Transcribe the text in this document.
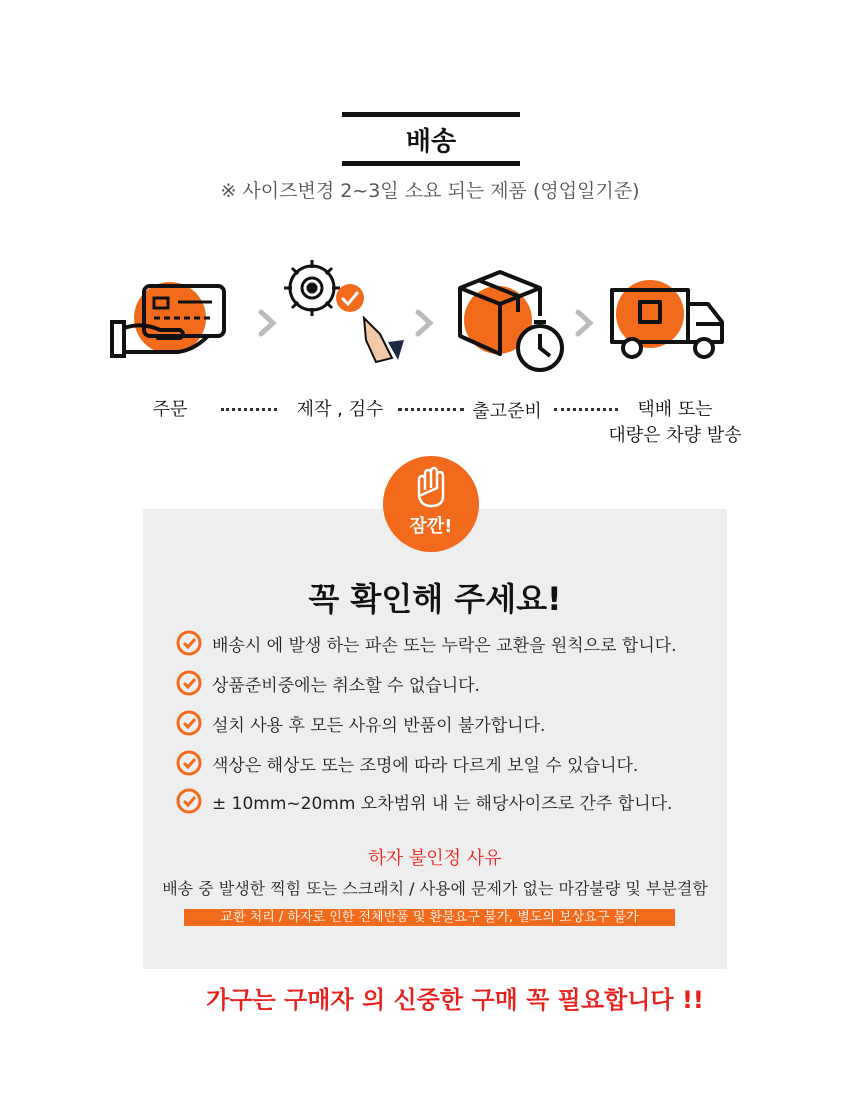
배송
※ 사이즈변경 2~3일 소요 되는 제품 (영업일기준)
주문	제작 , 검수	출고준비	택배 또는
대량은 차량 발송
잠깐!
꼭 확인해 주세요!
배송시 에 발생 하는 파손 또는 누락은 교환을 원칙으로 합니다.
상품준비중에는 취소할 수 없습니다.
설치 사용 후 모든 사유의 반품이 불가합니다.
색상은 해상도 또는 조명에 따라 다르게 보일 수 있습니다.
± 10mm~20mm 오차범위 내 는 해당사이즈로 간주 합니다.
하자 불인정 사유
배송 중 발생한 찍힘 또는 스크래치 / 사용에 문제가 없는 마감불량 및 부분결함
교환 처리 / 하자로 인한 전체반품 및 환불요구 불가, 별도의 보상요구 불가
가구는 구매자 의 신중한 구매 꼭 필요합니다 !!
